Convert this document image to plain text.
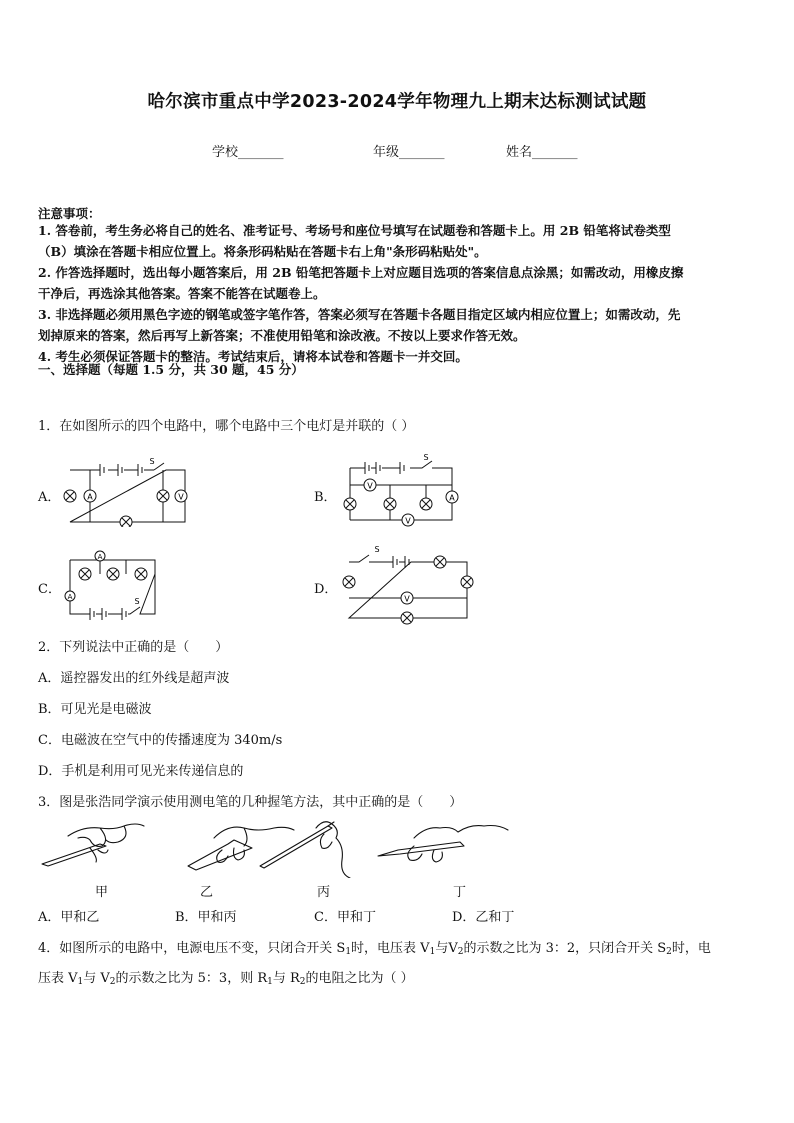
哈尔滨市重点中学2023-2024学年物理九上期末达标测试试题
学校_______	年级_______	姓名_______
注意事项：
1. 答卷前，考生务必将自己的姓名、准考证号、考场号和座位号填写在试题卷和答题卡上。用 2B 铅笔将试卷类型
（B）填涂在答题卡相应位置上。将条形码粘贴在答题卡右上角"条形码粘贴处"。
2. 作答选择题时，选出每小题答案后，用 2B 铅笔把答题卡上对应题目选项的答案信息点涂黑；如需改动，用橡皮擦
干净后，再选涂其他答案。答案不能答在试题卷上。
3. 非选择题必须用黑色字迹的钢笔或签字笔作答，答案必须写在答题卡各题目指定区域内相应位置上；如需改动，先
划掉原来的答案，然后再写上新答案；不准使用铅笔和涂改液。不按以上要求作答无效。
4. 考生必须保证答题卡的整洁。考试结束后，请将本试卷和答题卡一并交回。
一、选择题（每题 1.5 分，共 30 题，45 分）
1．在如图所示的四个电路中，哪个电路中三个电灯是并联的（ ）
A．	B．
C．	D．
A	V
S
A
V
V
S
A
A	S	V
S
2．下列说法中正确的是（　　）
A．遥控器发出的红外线是超声波
B．可见光是电磁波
C．电磁波在空气中的传播速度为 340m/s
D．手机是利用可见光来传递信息的
3．图是张浩同学演示使用测电笔的几种握笔方法，其中正确的是（　　）
甲	乙	丙	丁
A．甲和乙	B．甲和丙	C．甲和丁	D．乙和丁
4．如图所示的电路中，电源电压不变，只闭合开关 $S_1$时，电压表 $V_1$与$V_2$的示数之比为 3：2，只闭合开关 $S_2$时，电
压表 $V_1$与 $V_2$的示数之比为 5：3，则 $R_1$与 $R_2$的电阻之比为（ ）
